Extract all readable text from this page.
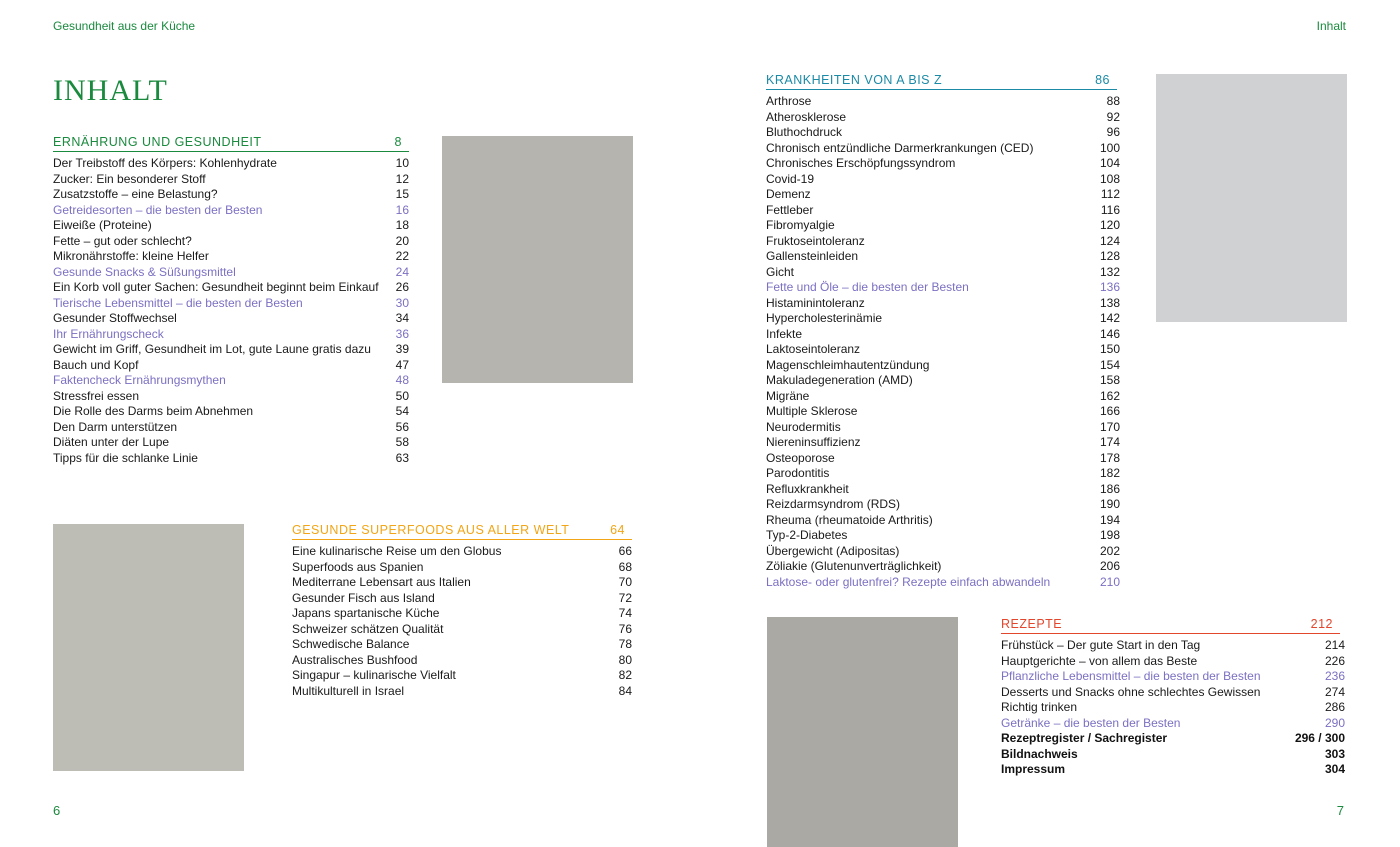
Gesundheit aus der Küche	Inhalt
INHALT
ERNÄHRUNG UND GESUNDHEIT	8
Der Treibstoff des Körpers: Kohlenhydrate	10
Zucker: Ein besonderer Stoff	12
Zusatzstoffe – eine Belastung?	15
Getreidesorten – die besten der Besten	16
Eiweiße (Proteine)	18
Fette – gut oder schlecht?	20
Mikronährstoffe: kleine Helfer	22
Gesunde Snacks & Süßungsmittel	24
Ein Korb voll guter Sachen: Gesundheit beginnt beim Einkauf 26
Tierische Lebensmittel – die besten der Besten	30
Gesunder Stoffwechsel	34
Ihr Ernährungscheck	36
Gewicht im Griff, Gesundheit im Lot, gute Laune gratis dazu 39
Bauch und Kopf	47
Faktencheck Ernährungsmythen	48
Stressfrei essen	50
Die Rolle des Darms beim Abnehmen	54
Den Darm unterstützen	56
Diäten unter der Lupe	58
Tipps für die schlanke Linie	63
GESUNDE SUPERFOODS AUS ALLER WELT	64
Eine kulinarische Reise um den Globus	66
Superfoods aus Spanien	68
Mediterrane Lebensart aus Italien	70
Gesunder Fisch aus Island	72
Japans spartanische Küche	74
Schweizer schätzen Qualität	76
Schwedische Balance	78
Australisches Bushfood	80
Singapur – kulinarische Vielfalt	82
Multikulturell in Israel	84
KRANKHEITEN VON A BIS Z	86
Arthrose	88
Atherosklerose	92
Bluthochdruck	96
Chronisch entzündliche Darmerkrankungen (CED)	100
Chronisches Erschöpfungssyndrom	104
Covid-19	108
Demenz	112
Fettleber	116
Fibromyalgie	120
Fruktoseintoleranz	124
Gallensteinleiden	128
Gicht	132
Fette und Öle – die besten der Besten	136
Histaminintoleranz	138
Hypercholesterinämie	142
Infekte	146
Laktoseintoleranz	150
Magenschleimhautentzündung	154
Makuladegeneration (AMD)	158
Migräne	162
Multiple Sklerose	166
Neurodermitis	170
Niereninsuffizienz	174
Osteoporose	178
Parodontitis	182
Refluxkrankheit	186
Reizdarmsyndrom (RDS)	190
Rheuma (rheumatoide Arthritis)	194
Typ-2-Diabetes	198
Übergewicht (Adipositas)	202
Zöliakie (Glutenunverträglichkeit)	206
Laktose- oder glutenfrei? Rezepte einfach abwandeln	210
REZEPTE	212
Frühstück – Der gute Start in den Tag	214
Hauptgerichte – von allem das Beste	226
Pflanzliche Lebensmittel – die besten der Besten	236
Desserts und Snacks ohne schlechtes Gewissen	274
Richtig trinken	286
Getränke – die besten der Besten	290
Rezeptregister / Sachregister	296 / 300
Bildnachweis	303
Impressum	304
6	7
